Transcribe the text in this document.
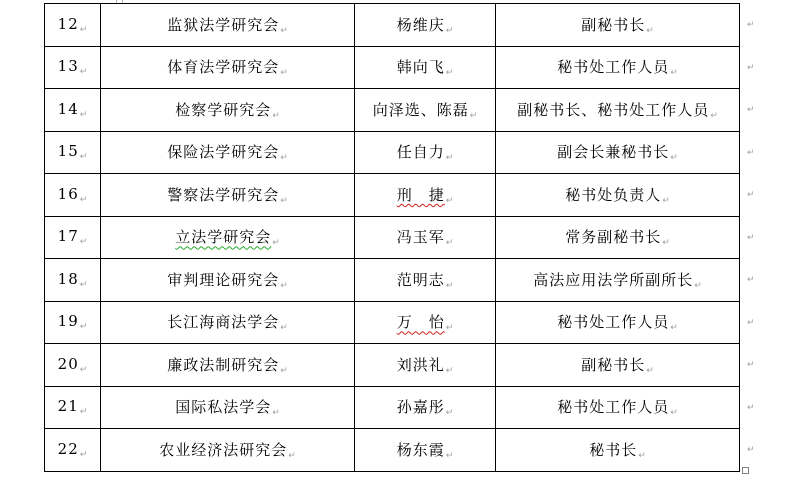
$12_↵$	监狱法学研究会$_↵$	杨维庆$_↵$	副秘书长$_↵$
$13_↵$	体育法学研究会$_↵$	韩向飞$_↵$	秘书处工作人员$_↵$
$14_↵$	检察学研究会$_↵$	向泽选、陈磊$_↵$	副秘书长、秘书处工作人员$_↵$
$15_↵$	保险法学研究会$_↵$	任自力$_↵$	副会长兼秘书长$_↵$
$16_↵$	警察法学研究会$_↵$	刑　捷$_↵$	秘书处负责人$_↵$
$17_↵$	立法学研究会$_↵$	冯玉军$_↵$	常务副秘书长$_↵$
$18_↵$	审判理论研究会$_↵$	范明志$_↵$	高法应用法学所副所长$_↵$
$19_↵$	长江海商法学会$_↵$	万　怡$_↵$	秘书处工作人员$_↵$
$20_↵$	廉政法制研究会$_↵$	刘洪礼$_↵$	副秘书长$_↵$
$21_↵$	国际私法学会$_↵$	孙嘉彤$_↵$	秘书处工作人员$_↵$
$22_↵$	农业经济法研究会$_↵$	杨东霞$_↵$	秘书长$_↵$
↵
↵
↵
↵
↵
↵
↵
↵
↵
↵
↵
